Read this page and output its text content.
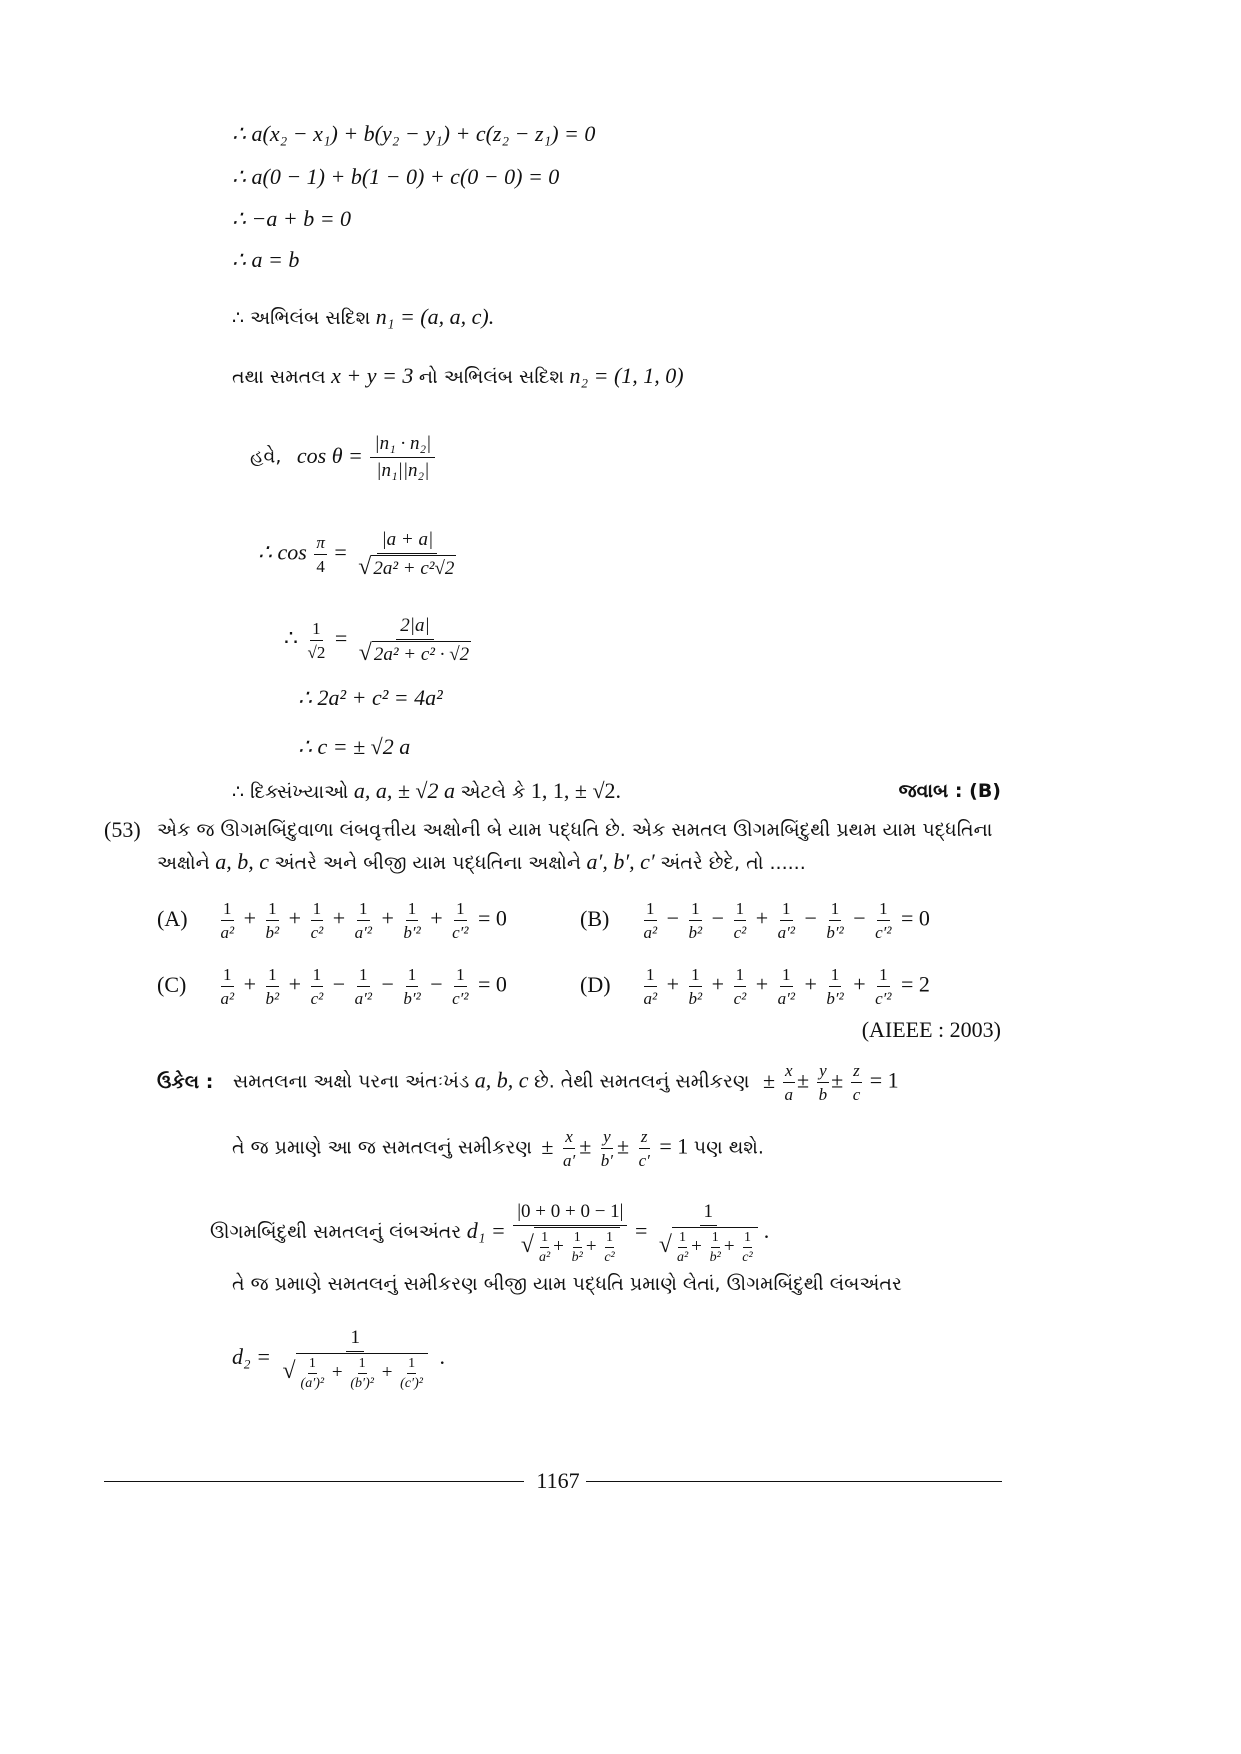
∴ a(x₂ − x₁) + b(y₂ − y₁) + c(z₂ − z₁) = 0
∴ a(0 − 1) + b(1 − 0) + c(0 − 0) = 0
∴ −a + b = 0
∴ a = b
∴ અભિલંબ સદિશ n₁ = (a, a, c).
તથા સમતલ x + y = 3 નો અભિલંબ સદિશ n₂ = (1, 1, 0)
હવે, $\cos \theta = \frac{\text{|n₁ · n₂|}}{\text{|n₁||n₂|}}$
∴ $\cos \frac{\pi}{4} = \frac{|a + a|}{\text{√ 2a² + c²√2}}$
∴ $\frac{1}{√2} = \frac{2|a|}{\text{√ 2a² + c² · √2}}$
∴ 2a² + c² = 4a²
∴ c = ± √2 a
∴ દિક્સંખ્યાઓ a, a, ± √2 a એટલે કે 1, 1, ± √2.	જવાબ : (B)
(53) એક જ ઊગમબિંદુવાળા લંબવૃત્તીય અક્ષોની બે યામ પદ્ધતિ છે. એક સમતલ ઊગમબિંદુથી પ્રથમ યામ પદ્ધતિના
અક્ષોને a, b, c અંતરે અને બીજી યામ પદ્ધતિના અક્ષોને a′, b′, c′ અંતરે છેદે, તો ......
$(A) \frac{1}{\text{a²}} + \frac{1}{\text{b²}} + \frac{1}{\text{c²}} + \frac{1}{\text{a′²}} + \frac{1}{\text{b′²}} + \frac{1}{\text{c′²}} = 0$	$(B) \frac{1}{\text{a²}} - \frac{1}{\text{b²}} - \frac{1}{\text{c²}} + \frac{1}{\text{a′²}} - \frac{1}{\text{b′²}} - \frac{1}{\text{c′²}} = 0$
$(C) \frac{1}{\text{a²}} + \frac{1}{\text{b²}} + \frac{1}{\text{c²}} - \frac{1}{\text{a′²}} - \frac{1}{\text{b′²}} - \frac{1}{\text{c′²}} = 0$	$(D) \frac{1}{\text{a²}} + \frac{1}{\text{b²}} + \frac{1}{\text{c²}} + \frac{1}{\text{a′²}} + \frac{1}{\text{b′²}} + \frac{1}{\text{c′²}} = 2$
(AIEEE : 2003)
ઉકેલ : સમતલના અક્ષો પરના અંતઃખંડ a, b, c છે. તેથી સમતલનું સમીકરણ ± $\frac{x}{a} \pm \frac{y}{b} \pm \frac{z}{c} = 1$
તે જ પ્રમાણે આ જ સમતલનું સમીકરણ ± $\frac{x}{a'} \pm \frac{y}{b'} \pm \frac{z}{c'} = 1$ પણ થશે.
ઊગમબિંદુથી સમતલનું લંબઅંતર $d_1 = \frac{|0 + 0 + 0 - 1|}{√ \frac{1}{\text{a²}} + \frac{1}{\text{b²}} + \frac{1}{\text{c²}}} = \frac{1}{√ \frac{1}{\text{a²}} + \frac{1}{\text{b²}} + \frac{1}{\text{c²}}}$ .
તે જ પ્રમાણે સમતલનું સમીકરણ બીજી યામ પદ્ધતિ પ્રમાણે લેતાં, ઊગમબિંદુથી લંબઅંતર
$d_2 = \frac{1}{√ \frac{1}{\text{(a′)²}} + \frac{1}{\text{(b′)²}} + \frac{1}{\text{(c′)²}}}$ .
1167
